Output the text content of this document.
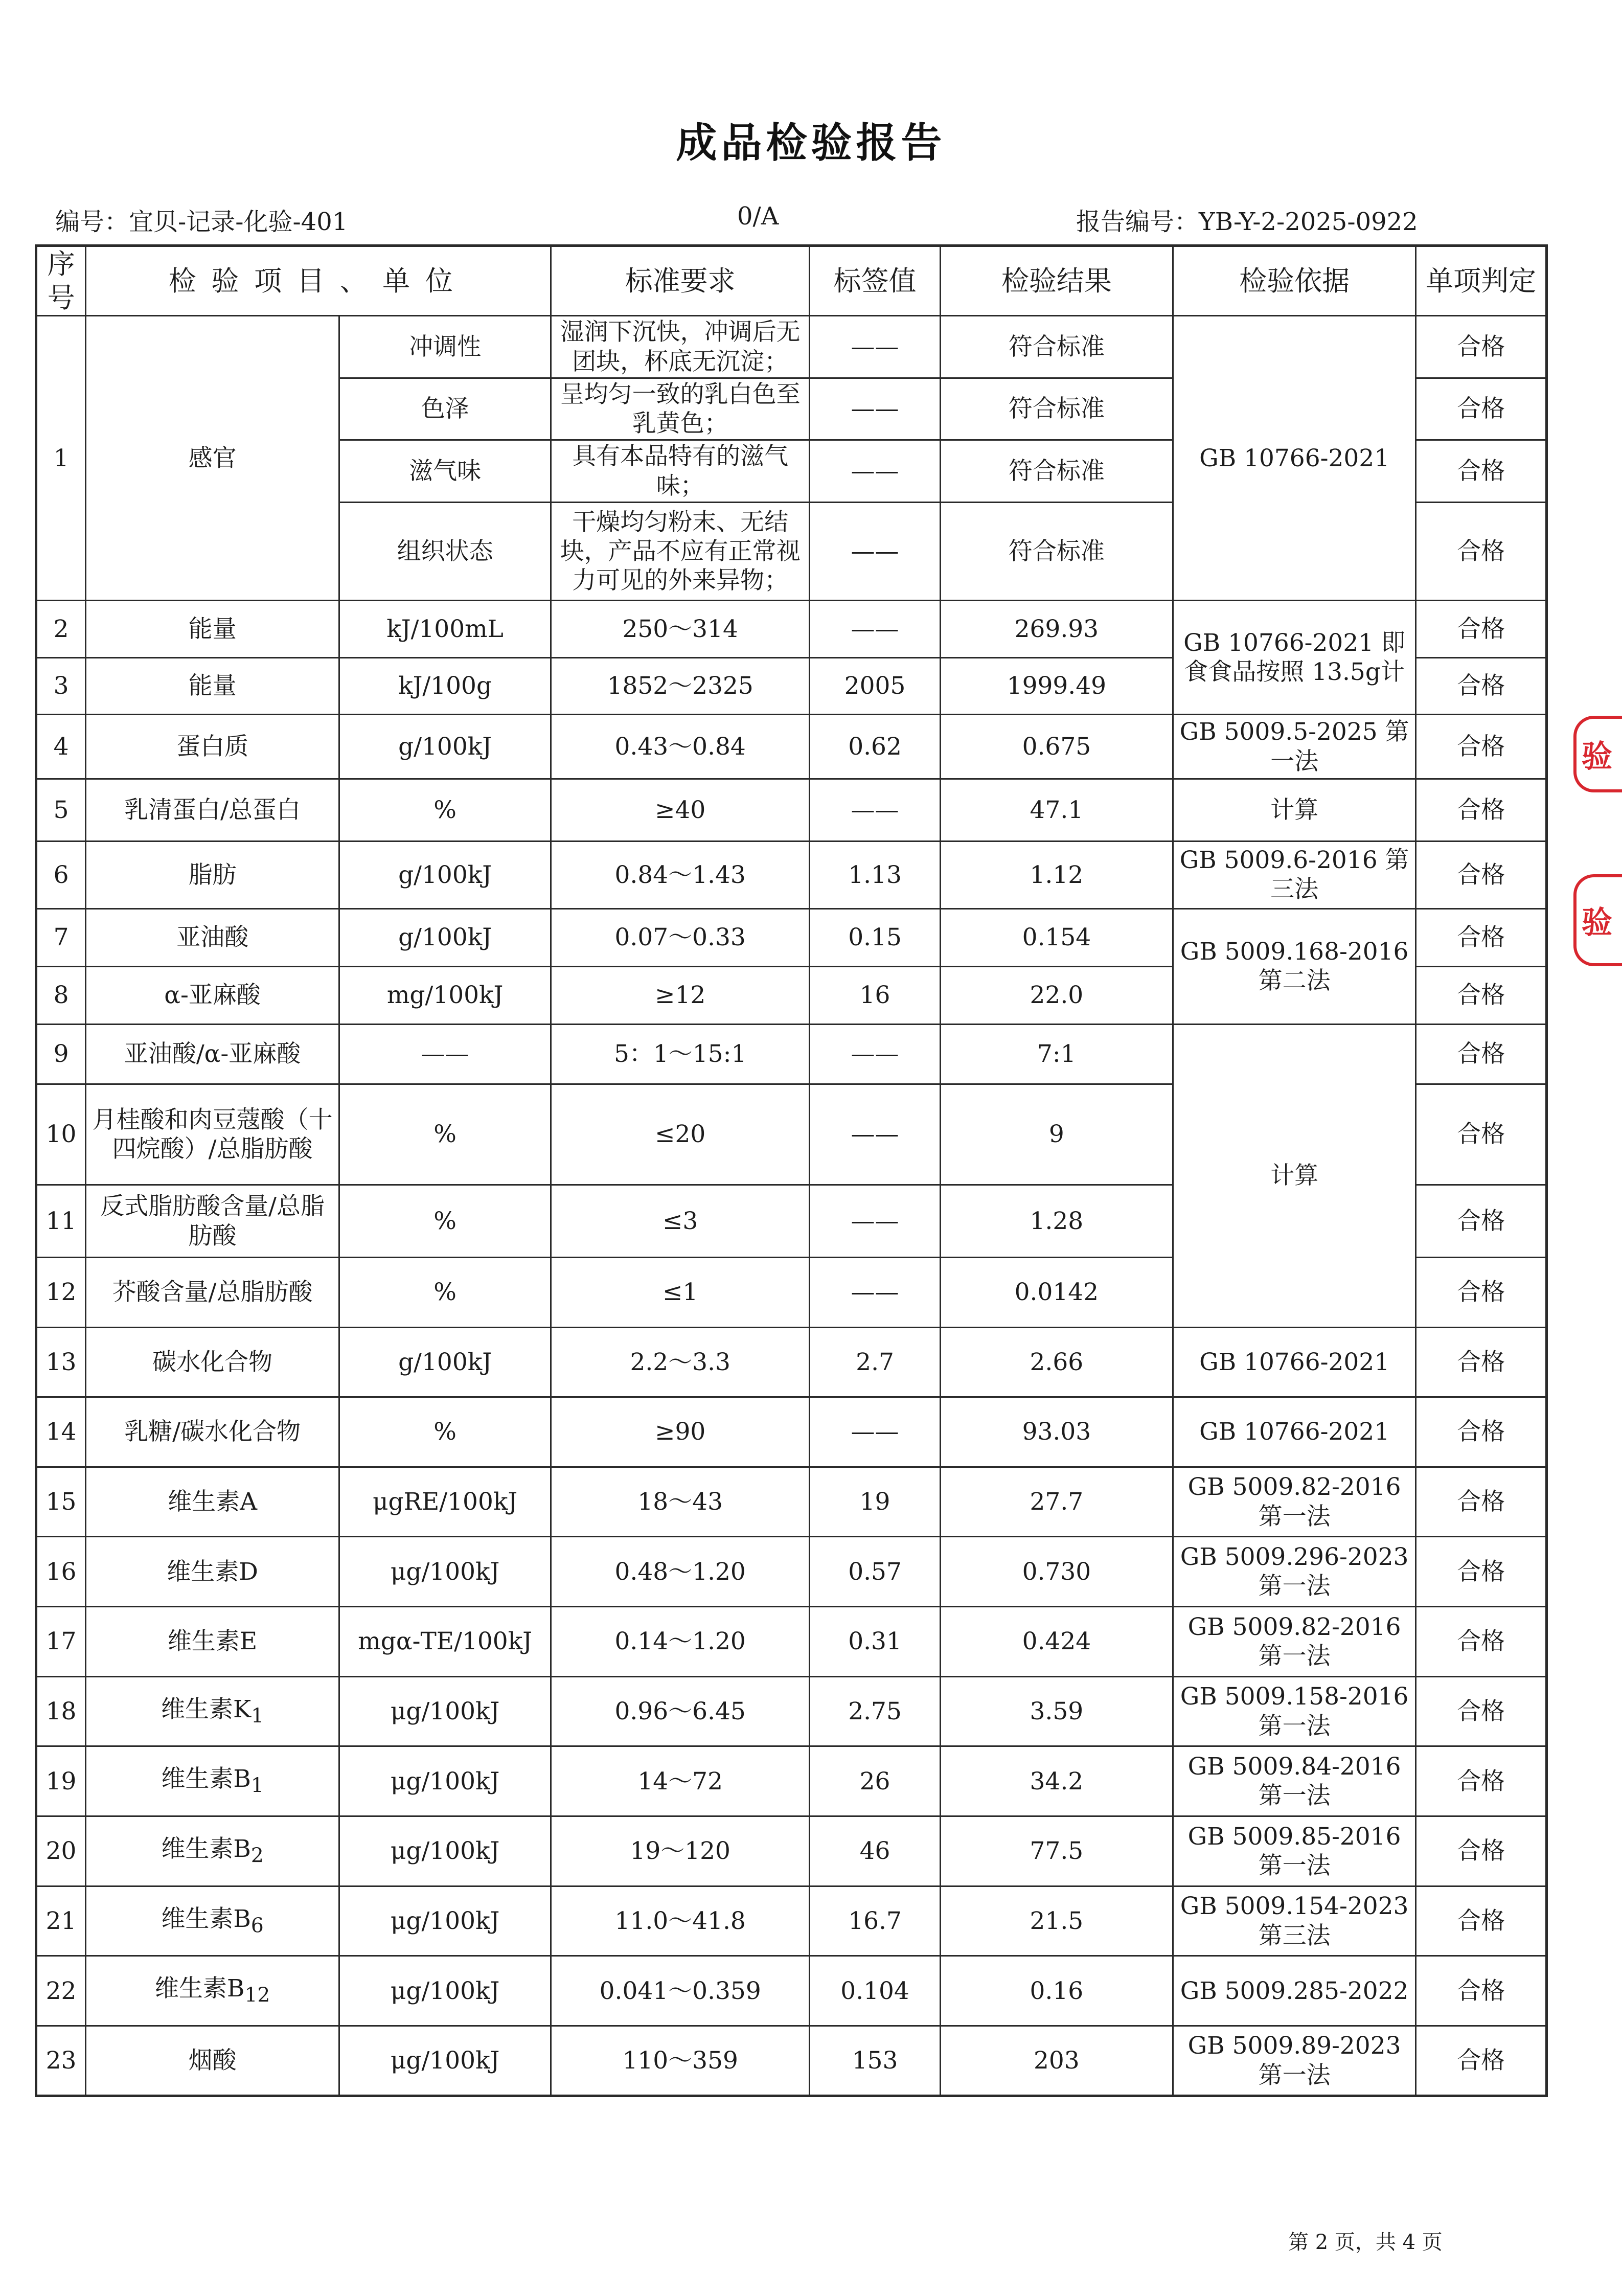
成品检验报告
编号：宜贝-记录-化验-401	0/A	报告编号：YB-Y-2-2025-0922
序号	检验项目、单位		标准要求	标签值	检验结果	检验依据	单项判定
1	感官	冲调性	湿润下沉快，冲调后无团块，杯底无沉淀；	——	符合标准	GB 10766-2021	合格
		色泽	呈均匀一致的乳白色至乳黄色；	——	符合标准		合格
		滋气味	具有本品特有的滋气味；	——	符合标准		合格
		组织状态	干燥均匀粉末、无结块，产品不应有正常视力可见的外来异物；	——	符合标准		合格
2	能量	kJ/100mL	250～314	——	269.93	GB 10766-2021 即食食品按照 13.5g计	合格
3	能量	kJ/100g	1852～2325	2005	1999.49		合格
4	蛋白质	g/100kJ	0.43～0.84	0.62	0.675	GB 5009.5-2025 第一法	合格
5	乳清蛋白/总蛋白	%	≥40	——	47.1	计算	合格
6	脂肪	g/100kJ	0.84～1.43	1.13	1.12	GB 5009.6-2016 第三法	合格
7	亚油酸	g/100kJ	0.07～0.33	0.15	0.154	GB 5009.168-2016 第二法	合格
8	α-亚麻酸	mg/100kJ	≥12	16	22.0		合格
9	亚油酸/α-亚麻酸	——	5：1～15:1	——	7:1	计算	合格
10	月桂酸和肉豆蔻酸（十四烷酸）/总脂肪酸	%	≤20	——	9		合格
11	反式脂肪酸含量/总脂肪酸	%	≤3	——	1.28		合格
12	芥酸含量/总脂肪酸	%	≤1	——	0.0142		合格
13	碳水化合物	g/100kJ	2.2～3.3	2.7	2.66	GB 10766-2021	合格
14	乳糖/碳水化合物	%	≥90	——	93.03	GB 10766-2021	合格
15	维生素A	μgRE/100kJ	18～43	19	27.7	GB 5009.82-2016 第一法	合格
16	维生素D	μg/100kJ	0.48～1.20	0.57	0.730	GB 5009.296-2023 第一法	合格
17	维生素E	mgα-TE/100kJ	0.14～1.20	0.31	0.424	GB 5009.82-2016 第一法	合格
18	维生素$K_1$	μg/100kJ	0.96～6.45	2.75	3.59	GB 5009.158-2016 第一法	合格
19	维生素$B_1$	μg/100kJ	14～72	26	34.2	GB 5009.84-2016 第一法	合格
20	维生素$B_2$	μg/100kJ	19～120	46	77.5	GB 5009.85-2016 第一法	合格
21	维生素$B_6$	μg/100kJ	11.0～41.8	16.7	21.5	GB 5009.154-2023 第三法	合格
22	维生素$B_{12}$	μg/100kJ	0.041～0.359	0.104	0.16	GB 5009.285-2022	合格
23	烟酸	μg/100kJ	110～359	153	203	GB 5009.89-2023 第一法	合格
验
验
第 2 页，共 4 页
